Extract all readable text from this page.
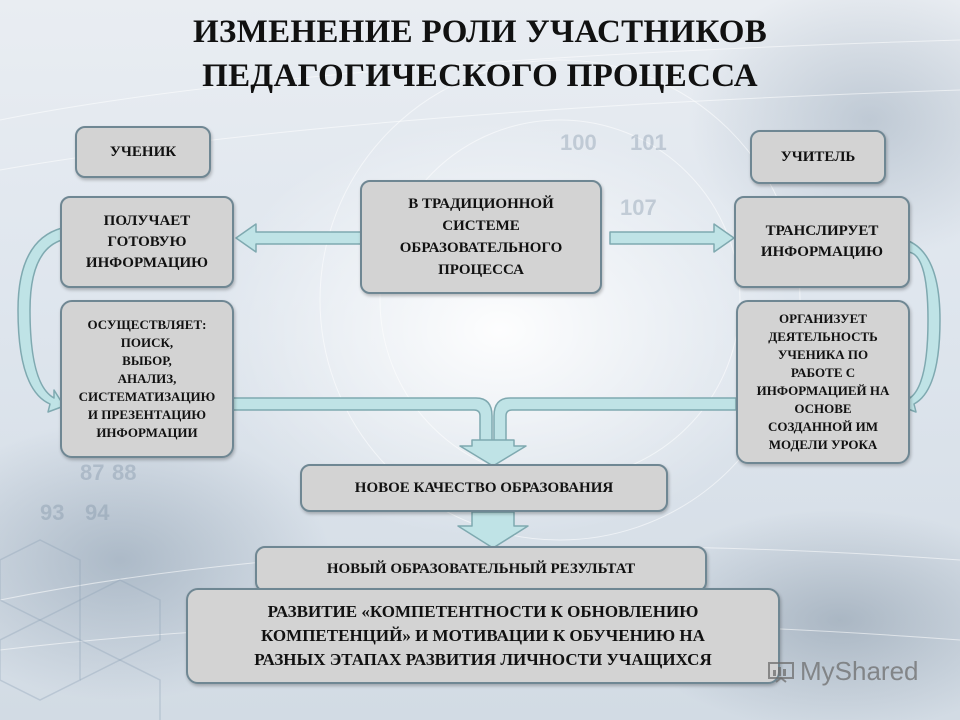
100 101
107
87 88
93 94
ИЗМЕНЕНИЕ РОЛИ УЧАСТНИКОВ
ПЕДАГОГИЧЕСКОГО ПРОЦЕССА
УЧЕНИК	УЧИТЕЛЬ
ПОЛУЧАЕТ
ГОТОВУЮ
ИНФОРМАЦИЮ
В ТРАДИЦИОННОЙ
СИСТЕМЕ
ОБРАЗОВАТЕЛЬНОГО
ПРОЦЕССА
ТРАНСЛИРУЕТ
ИНФОРМАЦИЮ
ОСУЩЕСТВЛЯЕТ:
ПОИСК,
ВЫБОР,
АНАЛИЗ,
СИСТЕМАТИЗАЦИЮ
И ПРЕЗЕНТАЦИЮ
ИНФОРМАЦИИ
ОРГАНИЗУЕТ
ДЕЯТЕЛЬНОСТЬ
УЧЕНИКА ПО
РАБОТЕ С
ИНФОРМАЦИЕЙ НА
ОСНОВЕ
СОЗДАННОЙ ИМ
МОДЕЛИ УРОКА
НОВОЕ КАЧЕСТВО ОБРАЗОВАНИЯ
НОВЫЙ ОБРАЗОВАТЕЛЬНЫЙ РЕЗУЛЬТАТ
РАЗВИТИЕ «КОМПЕТЕНТНОСТИ К ОБНОВЛЕНИЮ
КОМПЕТЕНЦИЙ» И МОТИВАЦИИ К ОБУЧЕНИЮ НА
РАЗНЫХ ЭТАПАХ РАЗВИТИЯ ЛИЧНОСТИ УЧАЩИХСЯ	MyShared
